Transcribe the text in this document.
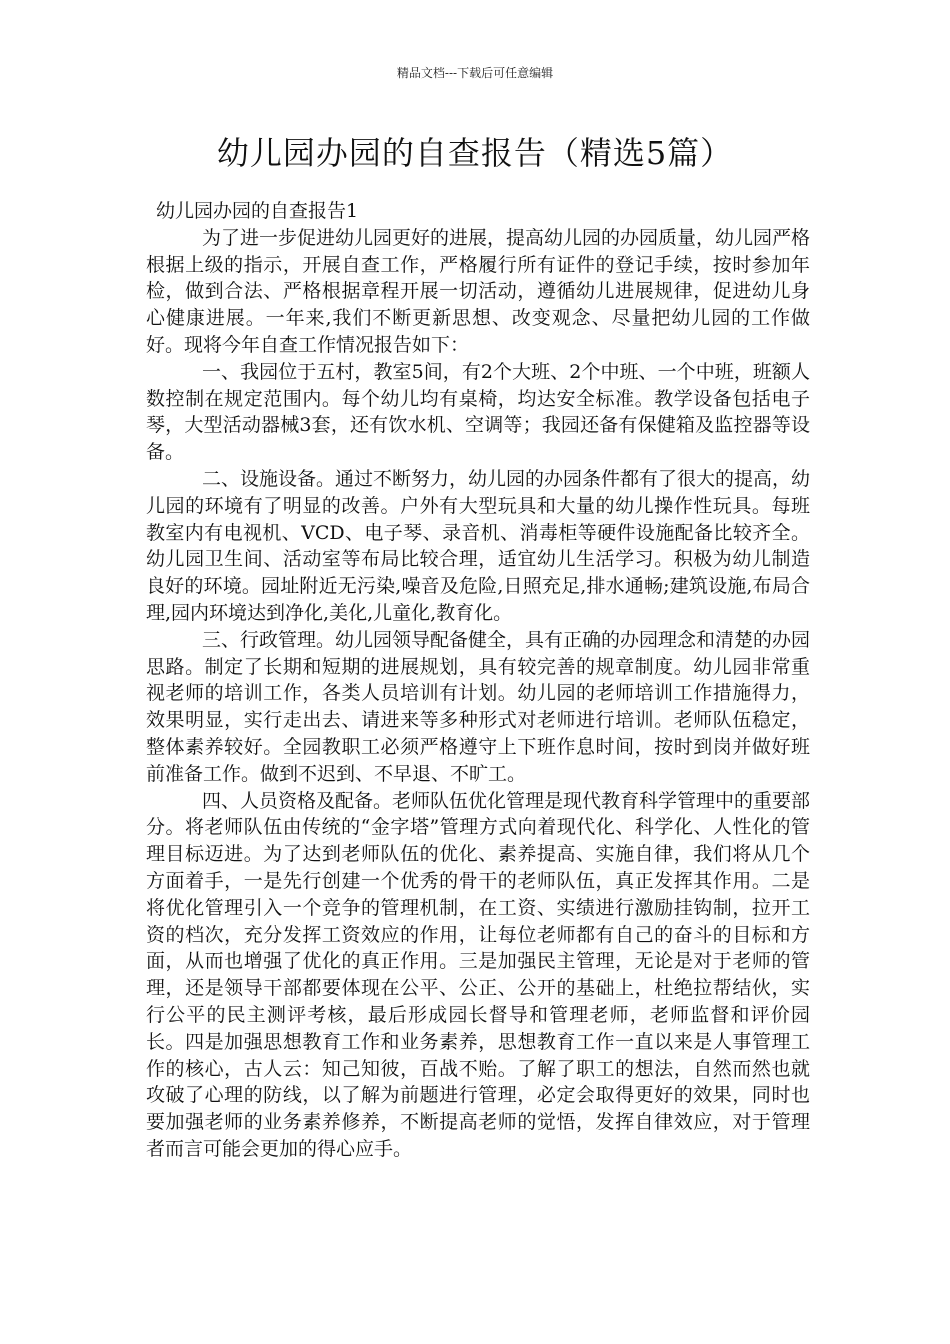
精品文档---下载后可任意编辑
幼儿园办园的自查报告（精选5篇）

幼儿园办园的自查报告1

为了进一步促进幼儿园更好的进展，提高幼儿园的办园质量，幼儿园严格根据上级的指示，开展自查工作，严格履行所有证件的登记手续，按时参加年检，做到合法、严格根据章程开展一切活动，遵循幼儿进展规律，促进幼儿身心健康进展。一年来,我们不断更新思想、改变观念、尽量把幼儿园的工作做好。现将今年自查工作情况报告如下：

一、我园位于五村，教室5间，有2个大班、2个中班、一个中班，班额人数控制在规定范围内。每个幼儿均有桌椅，均达安全标准。教学设备包括电子琴，大型活动器械3套，还有饮水机、空调等；我园还备有保健箱及监控器等设备。

二、设施设备。通过不断努力，幼儿园的办园条件都有了很大的提高，幼儿园的环境有了明显的改善。户外有大型玩具和大量的幼儿操作性玩具。每班教室内有电视机、VCD、电子琴、录音机、消毒柜等硬件设施配备比较齐全。幼儿园卫生间、活动室等布局比较合理，适宜幼儿生活学习。积极为幼儿制造良好的环境。园址附近无污染,噪音及危险,日照充足,排水通畅;建筑设施,布局合理,园内环境达到净化,美化,儿童化,教育化。

三、行政管理。幼儿园领导配备健全，具有正确的办园理念和清楚的办园思路。制定了长期和短期的进展规划，具有较完善的规章制度。幼儿园非常重视老师的培训工作，各类人员培训有计划。幼儿园的老师培训工作措施得力，效果明显，实行走出去、请进来等多种形式对老师进行培训。老师队伍稳定，整体素养较好。全园教职工必须严格遵守上下班作息时间，按时到岗并做好班前准备工作。做到不迟到、不早退、不旷工。

四、人员资格及配备。老师队伍优化管理是现代教育科学管理中的重要部分。将老师队伍由传统的“金字塔”管理方式向着现代化、科学化、人性化的管理目标迈进。为了达到老师队伍的优化、素养提高、实施自律，我们将从几个方面着手，一是先行创建一个优秀的骨干的老师队伍，真正发挥其作用。二是将优化管理引入一个竞争的管理机制，在工资、实绩进行激励挂钩制，拉开工资的档次，充分发挥工资效应的作用，让每位老师都有自己的奋斗的目标和方面，从而也增强了优化的真正作用。三是加强民主管理，无论是对于老师的管理，还是领导干部都要体现在公平、公正、公开的基础上，杜绝拉帮结伙，实行公平的民主测评考核，最后形成园长督导和管理老师，老师监督和评价园长。四是加强思想教育工作和业务素养，思想教育工作一直以来是人事管理工作的核心，古人云：知己知彼，百战不贻。了解了职工的想法，自然而然也就攻破了心理的防线，以了解为前题进行管理，必定会取得更好的效果，同时也要加强老师的业务素养修养，不断提高老师的觉悟，发挥自律效应，对于管理者而言可能会更加的得心应手。
